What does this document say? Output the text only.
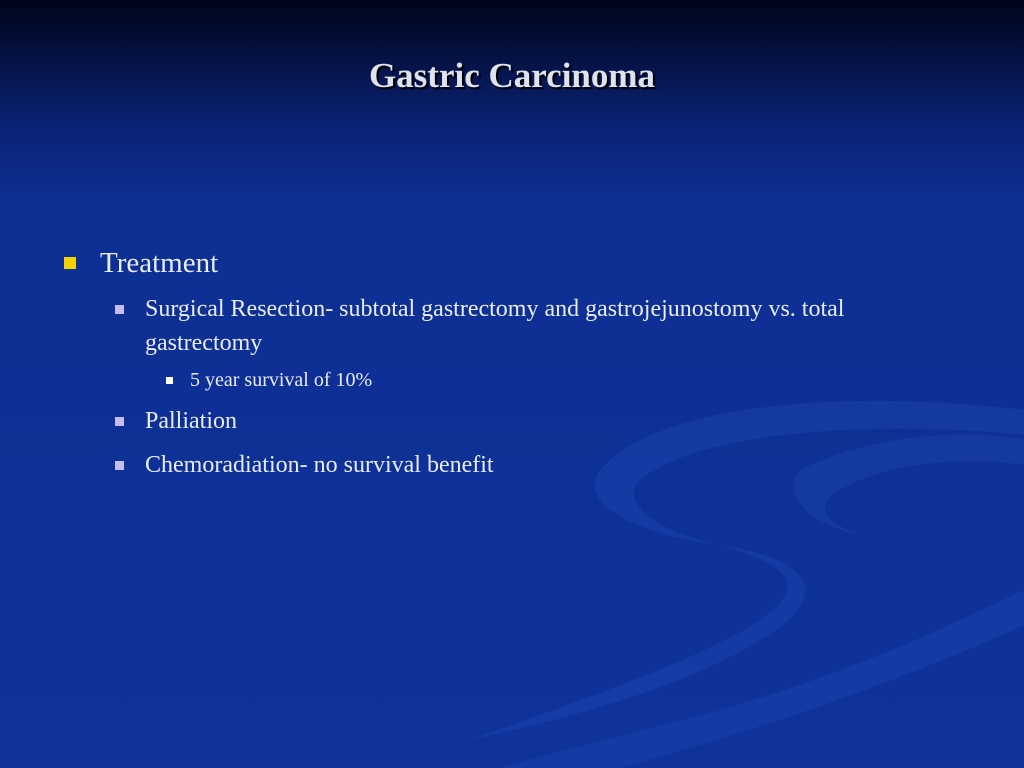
Gastric Carcinoma
Treatment
Surgical Resection- subtotal gastrectomy and gastrojejunostomy vs. total gastrectomy
5 year survival of 10%
Palliation
Chemoradiation- no survival benefit
